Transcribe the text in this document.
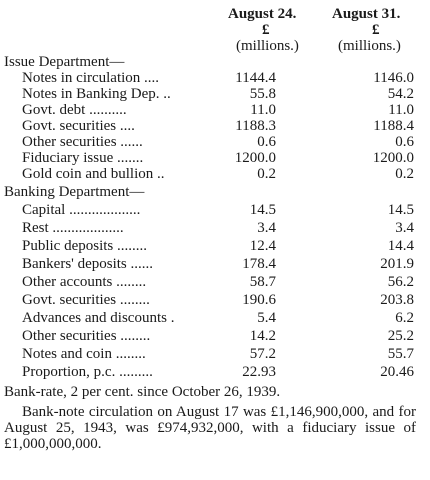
August 24. August 31.
£	£
(millions.)	(millions.)
Issue Department—
Notes in circulation ....	1144.4	1146.0
Notes in Banking Dep. ..	55.8	54.2
Govt. debt ..........	11.0	11.0
Govt. securities ....	1188.3	1188.4
Other securities ......	0.6	0.6
Fiduciary issue .......	1200.0	1200.0
Gold coin and bullion ..	0.2	0.2
Banking Department—
Capital ...................	14.5	14.5
Rest ...................	3.4	3.4
Public deposits ........	12.4	14.4
Bankers' deposits ......	178.4	201.9
Other accounts ........	58.7	56.2
Govt. securities ........	190.6	203.8
Advances and discounts .	5.4	6.2
Other securities ........	14.2	25.2
Notes and coin ........	57.2	55.7
Proportion, p.c. .........	22.93	20.46
Bank-rate, 2 per cent. since October 26, 1939.
Bank-note circulation on August 17 was £1,146,900,000, and for August 25, 1943, was £974,932,000, with a fiduciary issue of £1,000,000,000.
